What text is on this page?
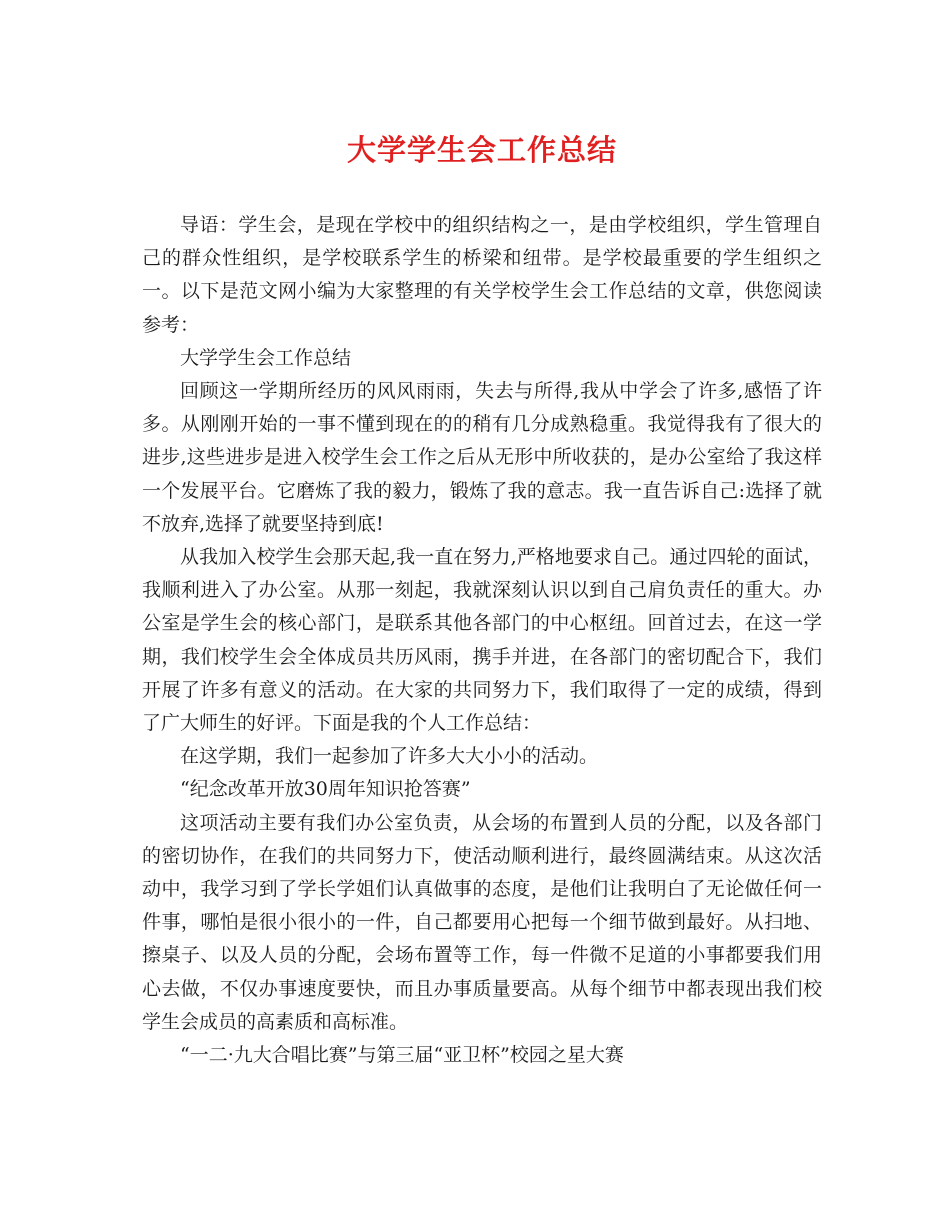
大学学生会工作总结

导语：学生会，是现在学校中的组织结构之一，是由学校组织，学生管理自己的群众性组织，是学校联系学生的桥梁和纽带。是学校最重要的学生组织之一。以下是范文网小编为大家整理的有关学校学生会工作总结的文章，供您阅读参考：

大学学生会工作总结

回顾这一学期所经历的风风雨雨，失去与所得,我从中学会了许多,感悟了许多。从刚刚开始的一事不懂到现在的的稍有几分成熟稳重。我觉得我有了很大的进步,这些进步是进入校学生会工作之后从无形中所收获的，是办公室给了我这样一个发展平台。它磨炼了我的毅力，锻炼了我的意志。我一直告诉自己:选择了就不放弃,选择了就要坚持到底!

从我加入校学生会那天起,我一直在努力,严格地要求自己。通过四轮的面试，我顺利进入了办公室。从那一刻起，我就深刻认识以到自己肩负责任的重大。办公室是学生会的核心部门，是联系其他各部门的中心枢纽。回首过去，在这一学期，我们校学生会全体成员共历风雨，携手并进，在各部门的密切配合下，我们开展了许多有意义的活动。在大家的共同努力下，我们取得了一定的成绩，得到了广大师生的好评。下面是我的个人工作总结：

在这学期，我们一起参加了许多大大小小的活动。

“纪念改革开放30周年知识抢答赛”

这项活动主要有我们办公室负责，从会场的布置到人员的分配，以及各部门的密切协作，在我们的共同努力下，使活动顺利进行，最终圆满结束。从这次活动中，我学习到了学长学姐们认真做事的态度，是他们让我明白了无论做任何一件事，哪怕是很小很小的一件，自己都要用心把每一个细节做到最好。从扫地、擦桌子、以及人员的分配，会场布置等工作，每一件微不足道的小事都要我们用心去做，不仅办事速度要快，而且办事质量要高。从每个细节中都表现出我们校学生会成员的高素质和高标准。

“一二·九大合唱比赛”与第三届“亚卫杯”校园之星大赛
